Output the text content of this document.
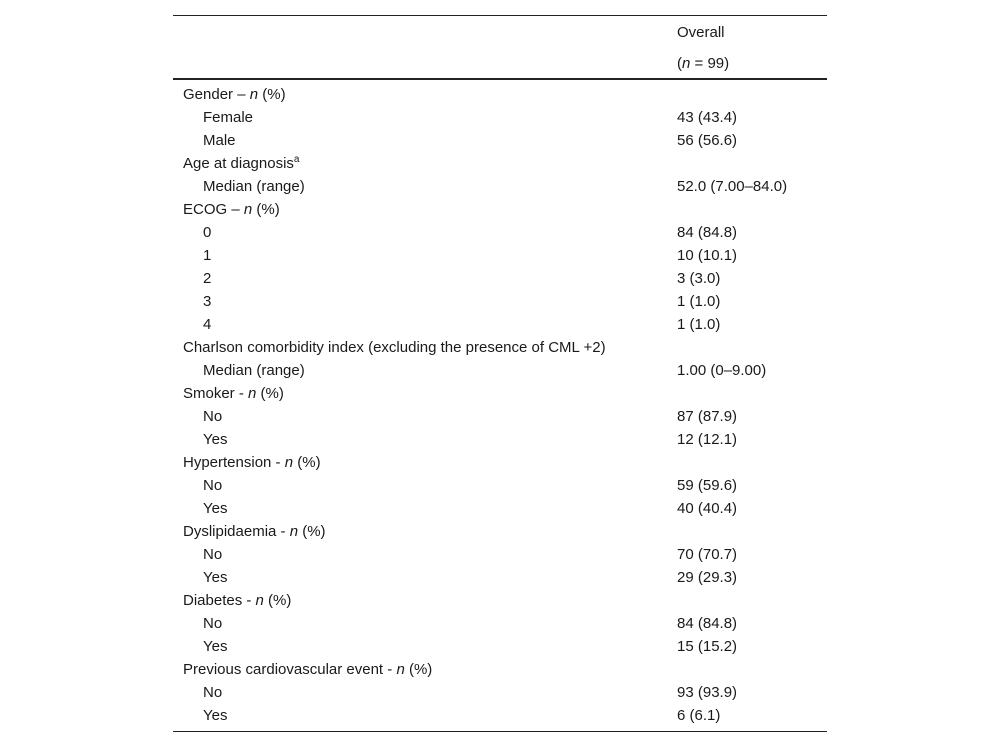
Overall
(n = 99)
Gender – n (%)
Female	43 (43.4)
Male	56 (56.6)
Age at diagnosis$^a$
Median (range)	52.0 (7.00–84.0)
ECOG – n (%)
0	84 (84.8)
1	10 (10.1)
2	3 (3.0)
3	1 (1.0)
4	1 (1.0)
Charlson comorbidity index (excluding the presence of CML +2)
Median (range)	1.00 (0–9.00)
Smoker - n (%)
No	87 (87.9)
Yes	12 (12.1)
Hypertension - n (%)
No	59 (59.6)
Yes	40 (40.4)
Dyslipidaemia - n (%)
No	70 (70.7)
Yes	29 (29.3)
Diabetes - n (%)
No	84 (84.8)
Yes	15 (15.2)
Previous cardiovascular event - n (%)
No	93 (93.9)
Yes	6 (6.1)
